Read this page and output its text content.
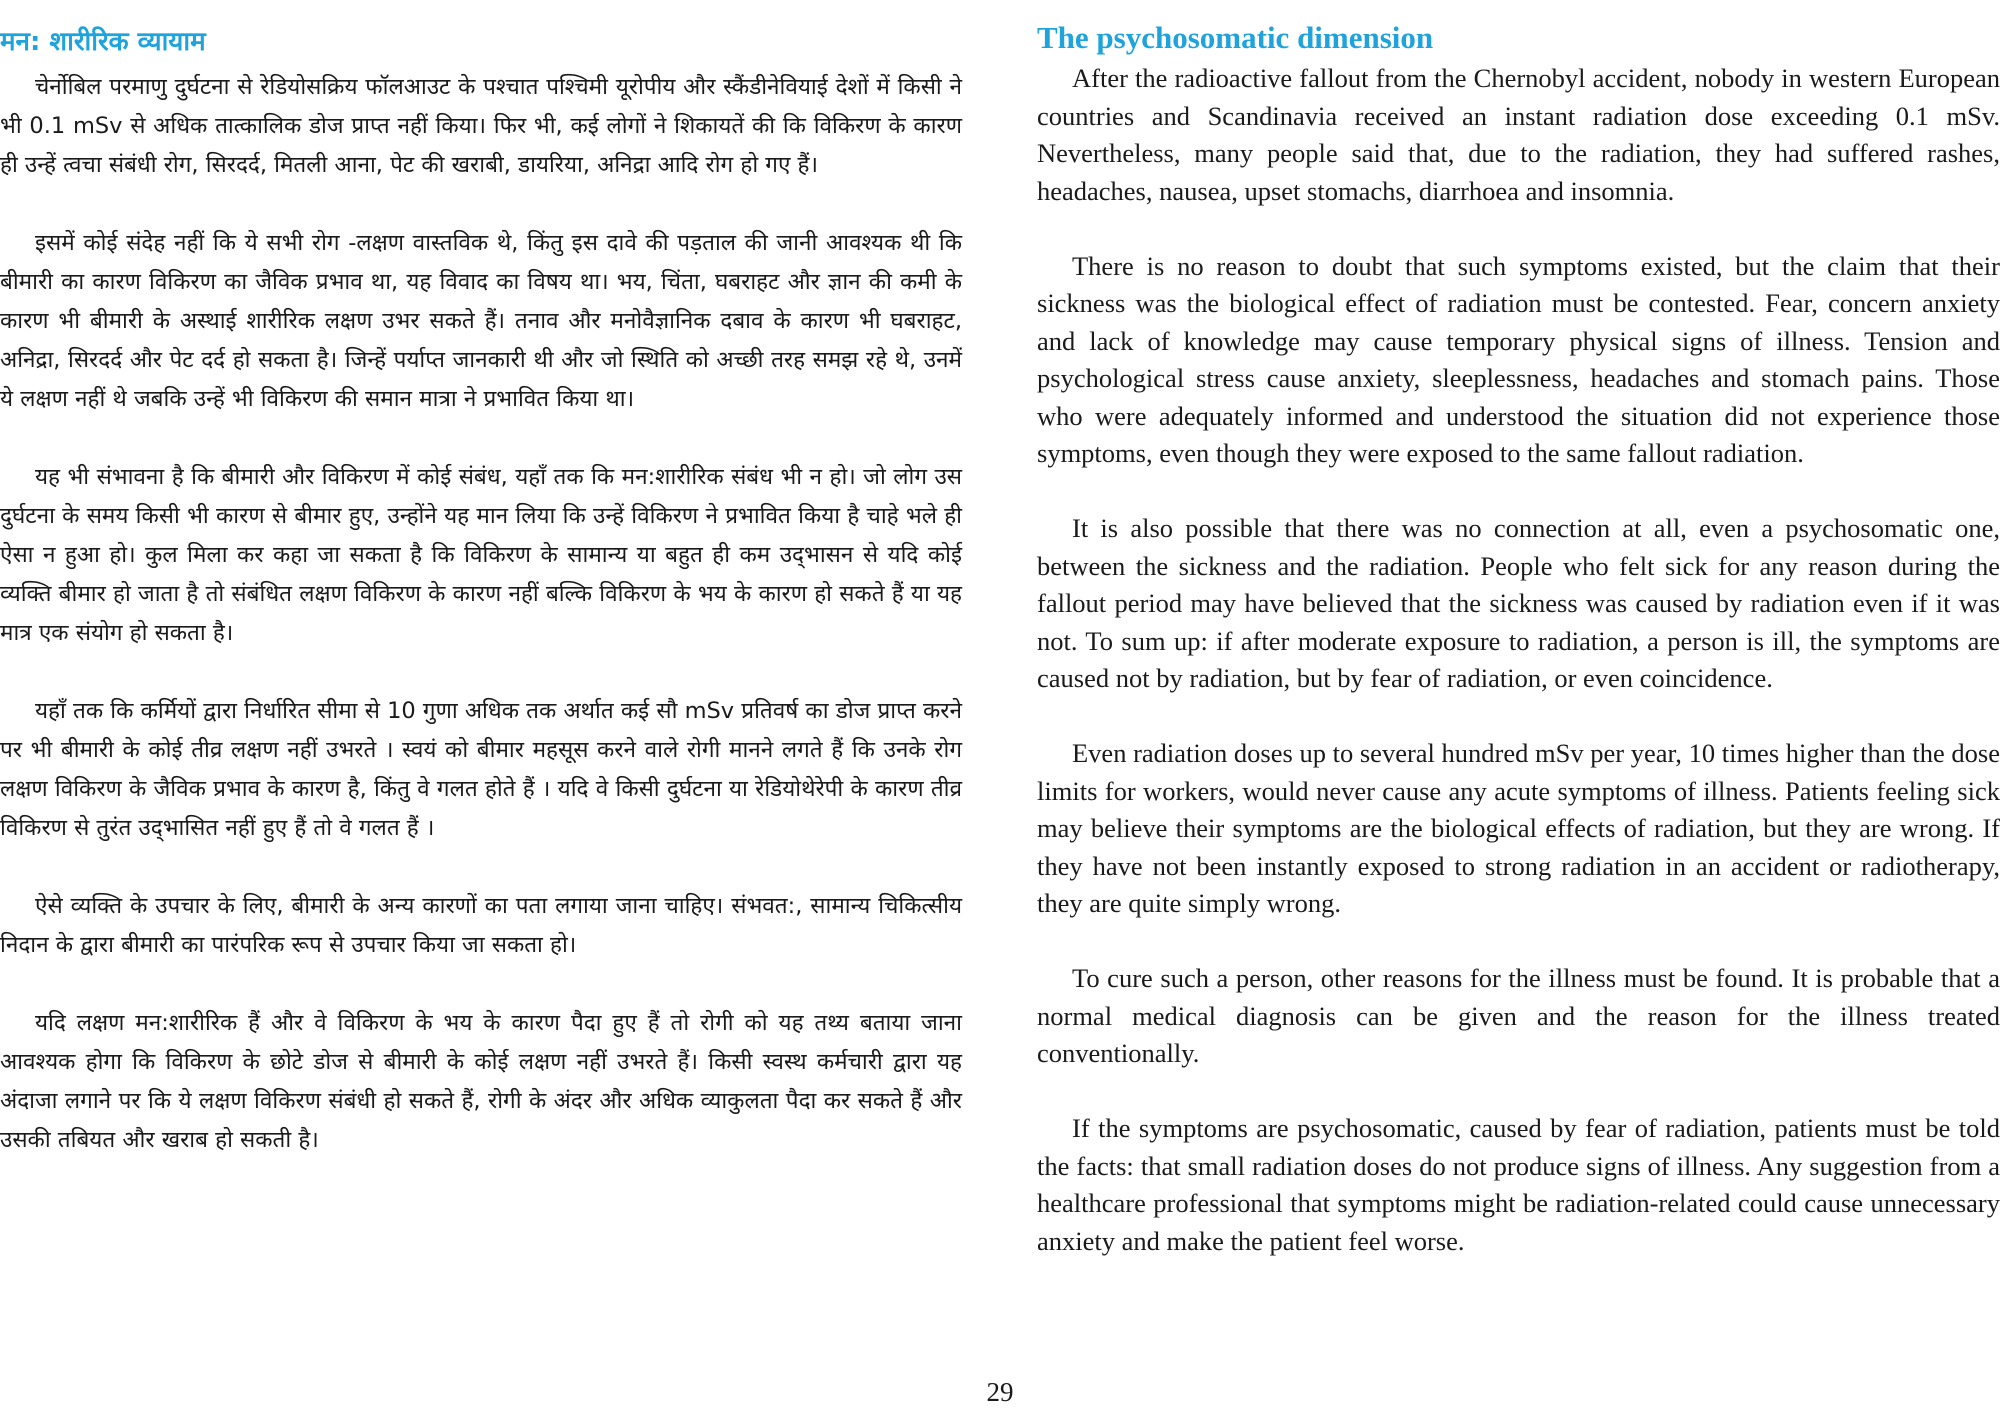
मन: शारीरिक व्यायाम

चेर्नोबिल परमाणु दुर्घटना से रेडियोसक्रिय फॉलआउट के पश्चात पश्चिमी यूरोपीय और स्कैंडीनेवियाई देशों में किसी ने भी 0.1 mSv से अधिक तात्कालिक डोज प्राप्त नहीं किया। फिर भी, कई लोगों ने शिकायतें की कि विकिरण के कारण ही उन्हें त्वचा संबंधी रोग, सिरदर्द, मितली आना, पेट की खराबी, डायरिया, अनिद्रा आदि रोग हो गए हैं।

इसमें कोई संदेह नहीं कि ये सभी रोग -लक्षण वास्तविक थे, किंतु इस दावे की पड़ताल की जानी आवश्यक थी कि बीमारी का कारण विकिरण का जैविक प्रभाव था, यह विवाद का विषय था। भय, चिंता, घबराहट और ज्ञान की कमी के कारण भी बीमारी के अस्थाई शारीरिक लक्षण उभर सकते हैं। तनाव और मनोवैज्ञानिक दबाव के कारण भी घबराहट, अनिद्रा, सिरदर्द और पेट दर्द हो सकता है। जिन्हें पर्याप्त जानकारी थी और जो स्थिति को अच्छी तरह समझ रहे थे, उनमें ये लक्षण नहीं थे जबकि उन्हें भी विकिरण की समान मात्रा ने प्रभावित किया था।

यह भी संभावना है कि बीमारी और विकिरण में कोई संबंध, यहाँ तक कि मन:शारीरिक संबंध भी न हो। जो लोग उस दुर्घटना के समय किसी भी कारण से बीमार हुए, उन्होंने यह मान लिया कि उन्हें विकिरण ने प्रभावित किया है चाहे भले ही ऐसा न हुआ हो। कुल मिला कर कहा जा सकता है कि विकिरण के सामान्य या बहुत ही कम उद्‌भासन से यदि कोई व्यक्ति बीमार हो जाता है तो संबंधित लक्षण विकिरण के कारण नहीं बल्कि विकिरण के भय के कारण हो सकते हैं या यह मात्र एक संयोग हो सकता है।

यहाँ तक कि कर्मियों द्वारा निर्धारित सीमा से 10 गुणा अधिक तक अर्थात कई सौ mSv प्रतिवर्ष का डोज प्राप्त करने पर भी बीमारी के कोई तीव्र लक्षण नहीं उभरते । स्वयं को बीमार महसूस करने वाले रोगी मानने लगते हैं कि उनके रोग लक्षण विकिरण के जैविक प्रभाव के कारण है, किंतु वे गलत होते हैं । यदि वे किसी दुर्घटना या रेडियोथेरेपी के कारण तीव्र विकिरण से तुरंत उद्‌भासित नहीं हुए हैं तो वे गलत हैं ।

ऐसे व्यक्ति के उपचार के लिए, बीमारी के अन्य कारणों का पता लगाया जाना चाहिए। संभवत:, सामान्य चिकित्सीय निदान के द्वारा बीमारी का पारंपरिक रूप से उपचार किया जा सकता हो।

यदि लक्षण मन:शारीरिक हैं और वे विकिरण के भय के कारण पैदा हुए हैं तो रोगी को यह तथ्य बताया जाना आवश्यक होगा कि विकिरण के छोटे डोज से बीमारी के कोई लक्षण नहीं उभरते हैं। किसी स्वस्थ कर्मचारी द्वारा यह अंदाजा लगाने पर कि ये लक्षण विकिरण संबंधी हो सकते हैं, रोगी के अंदर और अधिक व्याकुलता पैदा कर सकते हैं और उसकी तबियत और खराब हो सकती है।

The psychosomatic dimension

After the radioactive fallout from the Chernobyl accident, nobody in western European countries and Scandinavia received an instant radiation dose exceeding 0.1 mSv. Nevertheless, many people said that, due to the radiation, they had suffered rashes, headaches, nausea, upset stomachs, diarrhoea and insomnia.

There is no reason to doubt that such symptoms existed, but the claim that their sickness was the biological effect of radiation must be contested. Fear, concern anxiety and lack of knowledge may cause temporary physical signs of illness. Tension and psychological stress cause anxiety, sleeplessness, headaches and stomach pains. Those who were adequately informed and understood the situation did not experience those symptoms, even though they were exposed to the same fallout radiation.

It is also possible that there was no connection at all, even a psychosomatic one, between the sickness and the radiation. People who felt sick for any reason during the fallout period may have believed that the sickness was caused by radiation even if it was not. To sum up: if after moderate exposure to radiation, a person is ill, the symptoms are caused not by radiation, but by fear of radiation, or even coincidence.

Even radiation doses up to several hundred mSv per year, 10 times higher than the dose limits for workers, would never cause any acute symptoms of illness. Patients feeling sick may believe their symptoms are the biological effects of radiation, but they are wrong. If they have not been instantly exposed to strong radiation in an accident or radiotherapy, they are quite simply wrong.

To cure such a person, other reasons for the illness must be found. It is probable that a normal medical diagnosis can be given and the reason for the illness treated conventionally.

If the symptoms are psychosomatic, caused by fear of radiation, patients must be told the facts: that small radiation doses do not produce signs of illness. Any suggestion from a healthcare professional that symptoms might be radiation-related could cause unnecessary anxiety and make the patient feel worse.

29
